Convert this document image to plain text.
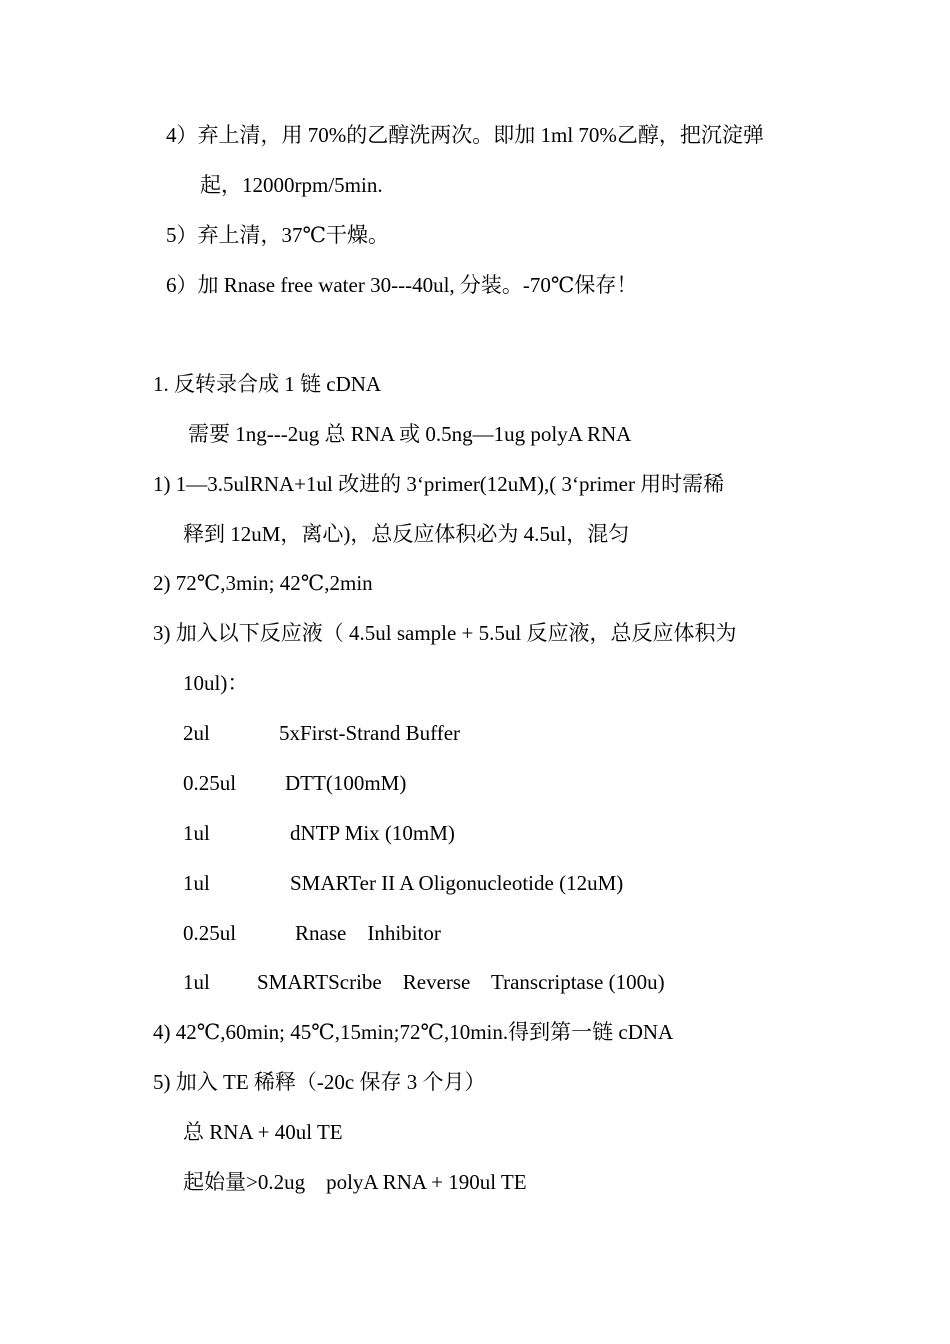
4）弃上清，用 70%的乙醇洗两次。即加 1ml 70%乙醇，把沉淀弹
起，12000rpm/5min.
5）弃上清，37℃干燥。
6）加 Rnase free water 30---40ul, 分装。-70℃保存！
1. 反转录合成 1 链 cDNA
需要 1ng---2ug 总 RNA 或 0.5ng—1ug polyA RNA
1) 1—3.5ulRNA+1ul 改进的 3‘primer(12uM),( 3‘primer 用时需稀
释到 12uM，离心)，总反应体积必为 4.5ul，混匀
2) 72℃,3min; 42℃,2min
3) 加入以下反应液（ 4.5ul sample + 5.5ul 反应液，总反应体积为
10ul)：
2ul	5xFirst-Strand Buffer
0.25ul DTT(100mM)
1ul	dNTP Mix (10mM)
1ul	SMARTer II A Oligonucleotide (12uM)
0.25ul	Rnase    Inhibitor
1ul SMARTScribe    Reverse    Transcriptase (100u)
4) 42℃,60min; 45℃,15min;72℃,10min.得到第一链 cDNA
5) 加入 TE 稀释（-20c 保存 3 个月）
总 RNA + 40ul TE
起始量>0.2ug    polyA RNA + 190ul TE
